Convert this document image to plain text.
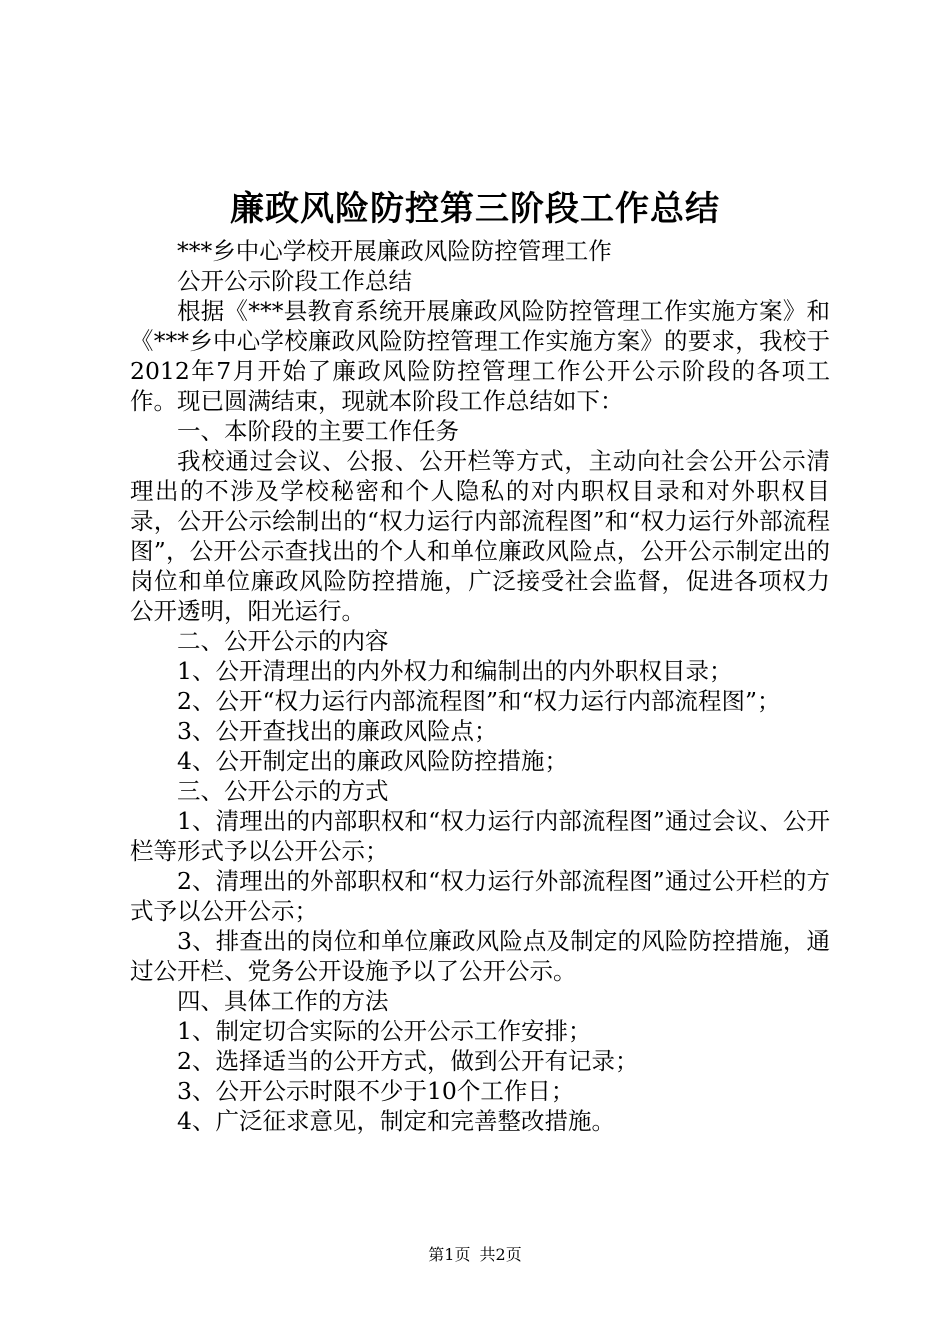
廉政风险防控第三阶段工作总结

***乡中心学校开展廉政风险防控管理工作

公开公示阶段工作总结

根据《***县教育系统开展廉政风险防控管理工作实施方案》和《***乡中心学校廉政风险防控管理工作实施方案》的要求，我校于2012年7月开始了廉政风险防控管理工作公开公示阶段的各项工作。现已圆满结束，现就本阶段工作总结如下：

一、本阶段的主要工作任务

我校通过会议、公报、公开栏等方式，主动向社会公开公示清理出的不涉及学校秘密和个人隐私的对内职权目录和对外职权目录，公开公示绘制出的“权力运行内部流程图”和“权力运行外部流程图”，公开公示查找出的个人和单位廉政风险点，公开公示制定出的岗位和单位廉政风险防控措施，广泛接受社会监督，促进各项权力公开透明，阳光运行。

二、公开公示的内容

1、公开清理出的内外权力和编制出的内外职权目录；

2、公开“权力运行内部流程图”和“权力运行内部流程图”；

3、公开查找出的廉政风险点；

4、公开制定出的廉政风险防控措施；

三、公开公示的方式

1、清理出的内部职权和“权力运行内部流程图”通过会议、公开栏等形式予以公开公示；

2、清理出的外部职权和“权力运行外部流程图”通过公开栏的方式予以公开公示；

3、排查出的岗位和单位廉政风险点及制定的风险防控措施，通过公开栏、党务公开设施予以了公开公示。

四、具体工作的方法

1、制定切合实际的公开公示工作安排；

2、选择适当的公开方式，做到公开有记录；

3、公开公示时限不少于10个工作日；

4、广泛征求意见，制定和完善整改措施。

第1页 共2页
